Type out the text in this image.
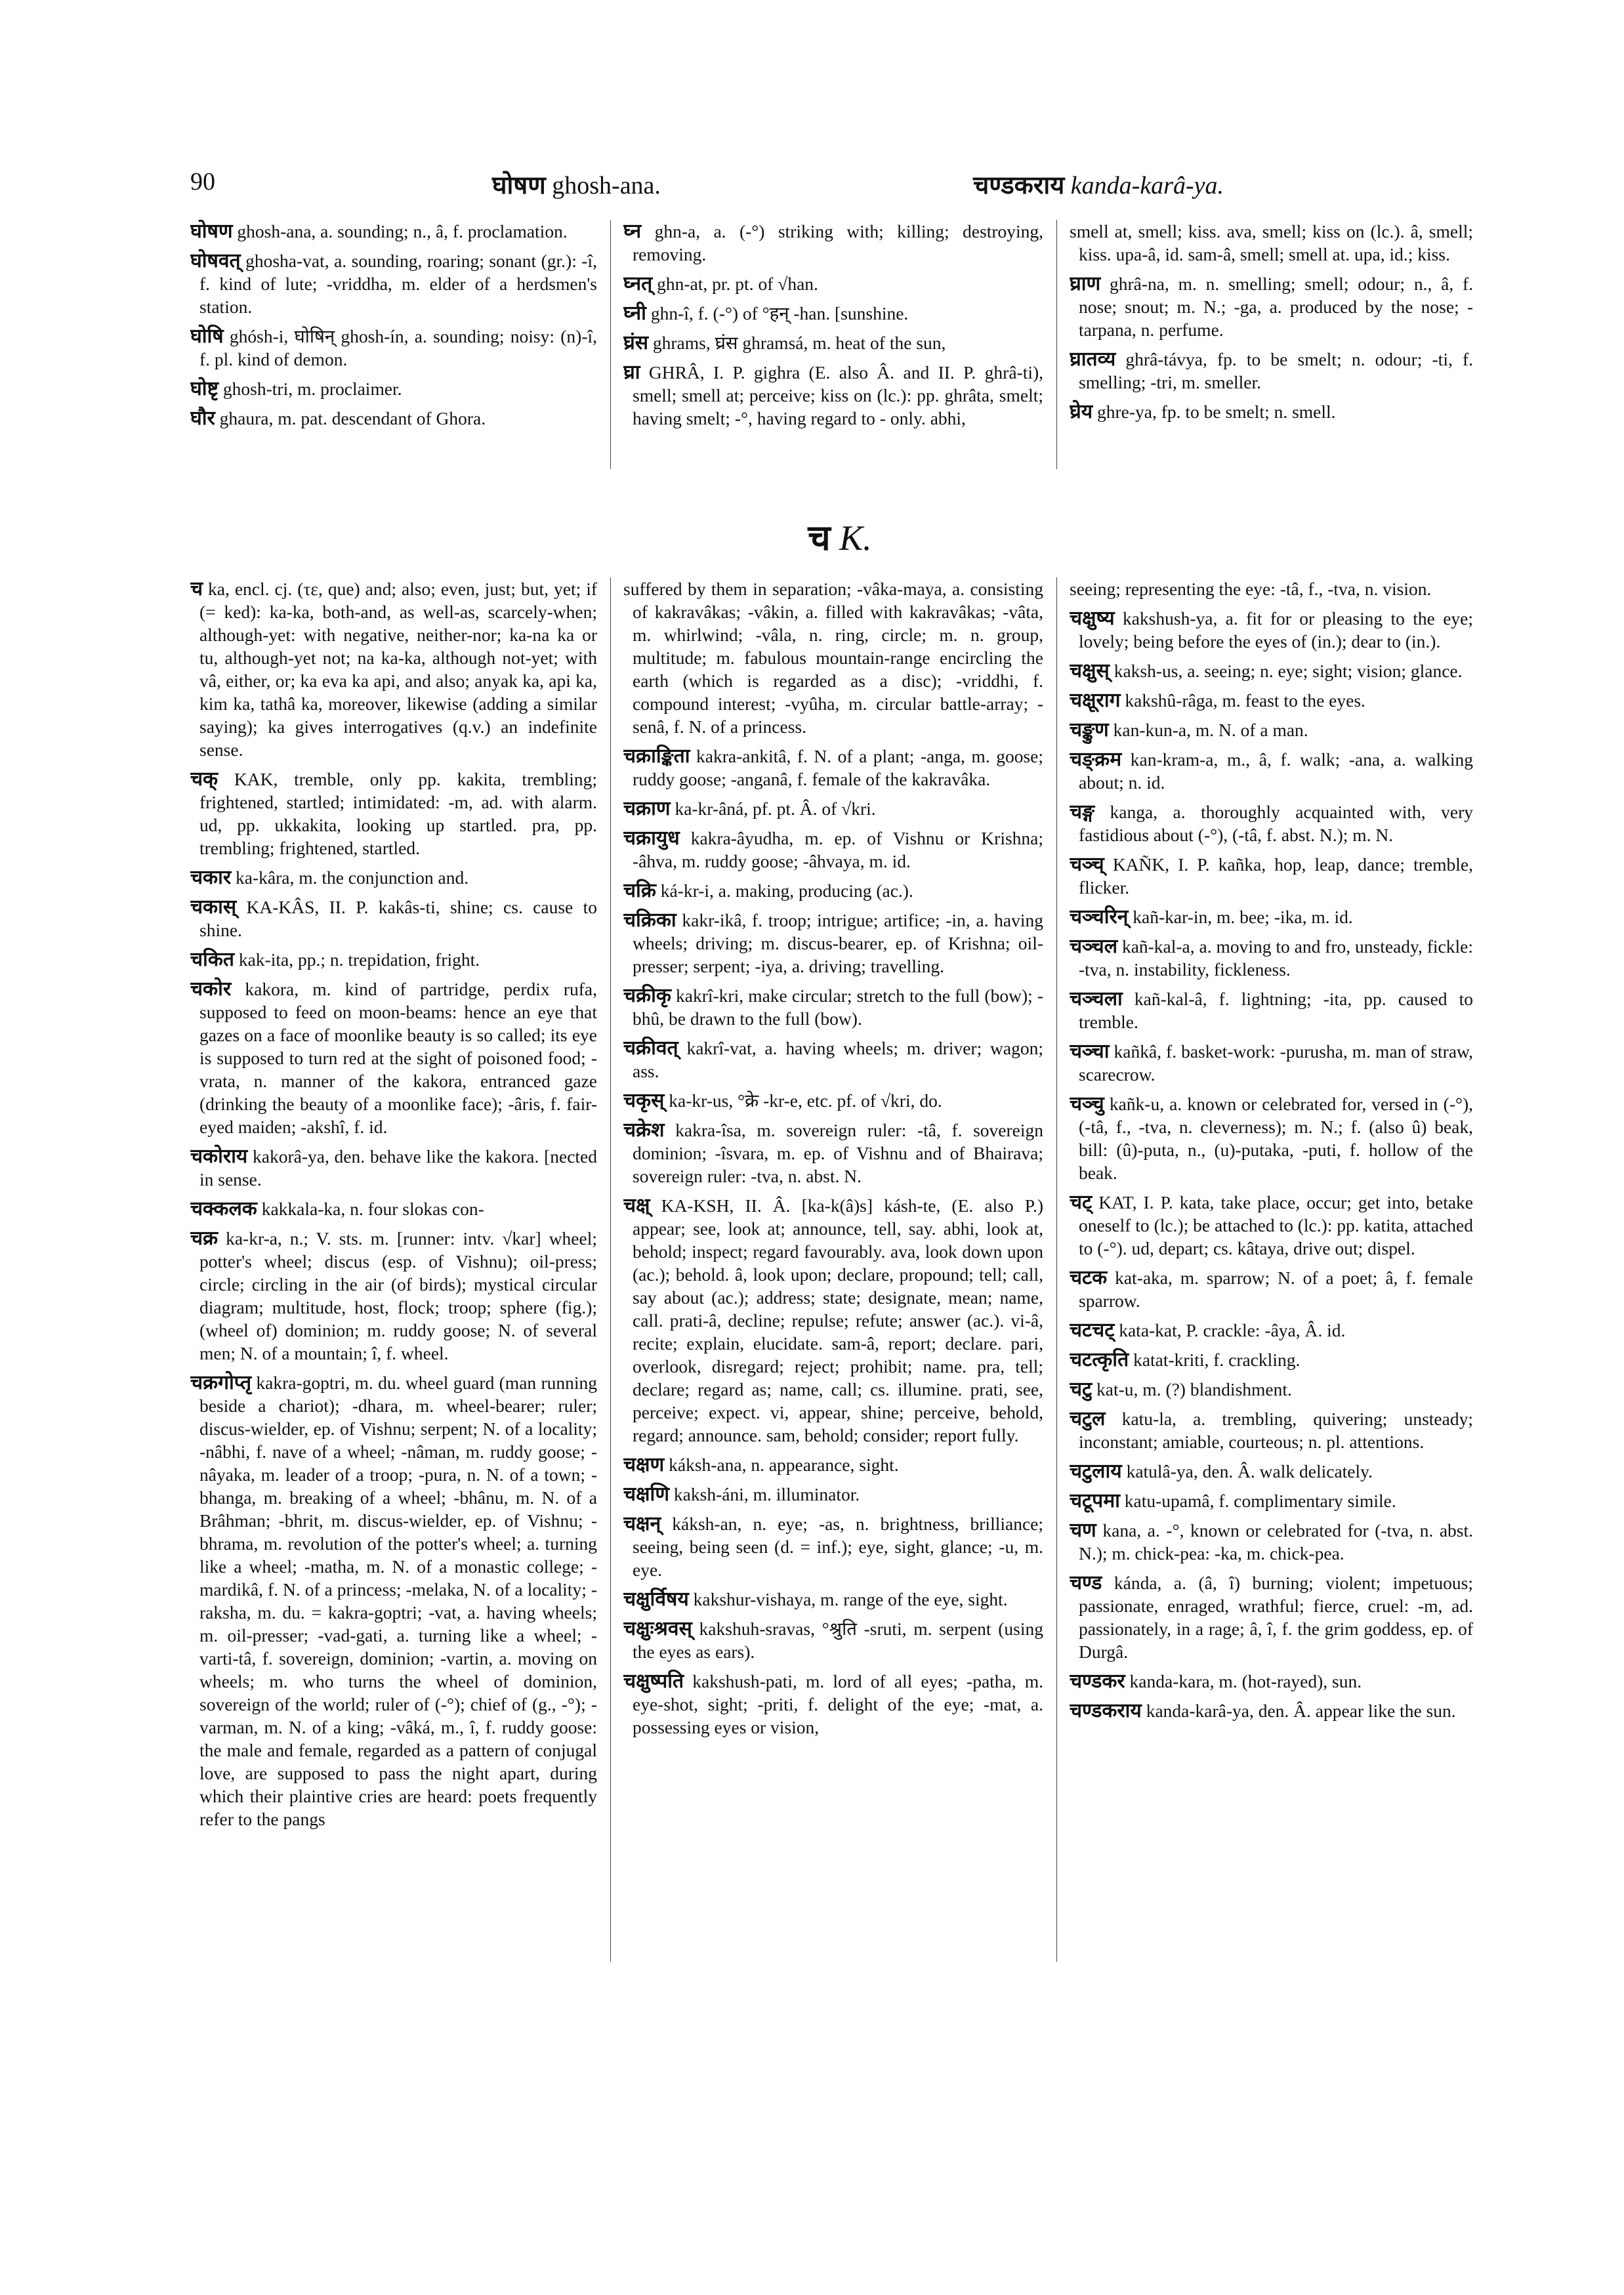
90	घोषण ghosh-ana.	चण्डकराय kanda-karâ-ya.

घोषण ghosh-ana, a. sounding; n., â, f. proclamation.

घोषवत् ghosha-vat, a. sounding, roaring; sonant (gr.): -î, f. kind of lute; -vriddha, m. elder of a herdsmen's station.

घोषि ghósh-i, घोषिन् ghosh-ín, a. sounding; noisy: (n)-î, f. pl. kind of demon.

घोष्टृ ghosh-tri, m. proclaimer.

घौर ghaura, m. pat. descendant of Ghora.

घ्न ghn-a, a. (-°) striking with; killing; destroying, removing.

घ्नत् ghn-at, pr. pt. of √han.

घ्नी ghn-î, f. (-°) of °हन् -han. [sunshine.

घ्रंस ghrams, घ्रंस ghramsá, m. heat of the sun,

घ्रा GHRÂ, I. P. gighra (E. also Â. and II. P. ghrâ-ti), smell; smell at; perceive; kiss on (lc.): pp. ghrâta, smelt; having smelt; -°, having regard to - only. abhi,

smell at, smell; kiss. ava, smell; kiss on (lc.). â, smell; kiss. upa-â, id. sam-â, smell; smell at. upa, id.; kiss.

घ्राण ghrâ-na, m. n. smelling; smell; odour; n., â, f. nose; snout; m. N.; -ga, a. produced by the nose; -tarpana, n. perfume.

घ्रातव्य ghrâ-távya, fp. to be smelt; n. odour; -ti, f. smelling; -tri, m. smeller.

घ्रेय ghre-ya, fp. to be smelt; n. smell.

च K.

च ka, encl. cj. (τε, que) and; also; even, just; but, yet; if (= ked): ka-ka, both-and, as well-as, scarcely-when; although-yet: with negative, neither-nor; ka-na ka or tu, although-yet not; na ka-ka, although not-yet; with vâ, either, or; ka eva ka api, and also; anyak ka, api ka, kim ka, tathâ ka, moreover, likewise (adding a similar saying); ka gives interrogatives (q.v.) an indefinite sense.

चक् KAK, tremble, only pp. kakita, trembling; frightened, startled; intimidated: -m, ad. with alarm. ud, pp. ukkakita, looking up startled. pra, pp. trembling; frightened, startled.

चकार ka-kâra, m. the conjunction and.

चकास् KA-KÂS, II. P. kakâs-ti, shine; cs. cause to shine.

चकित kak-ita, pp.; n. trepidation, fright.

चकोर kakora, m. kind of partridge, perdix rufa, supposed to feed on moon-beams: hence an eye that gazes on a face of moonlike beauty is so called; its eye is supposed to turn red at the sight of poisoned food; -vrata, n. manner of the kakora, entranced gaze (drinking the beauty of a moonlike face); -âris, f. fair-eyed maiden; -akshî, f. id.

चकोराय kakorâ-ya, den. behave like the kakora. [nected in sense.

चक्कलक kakkala-ka, n. four slokas con-

चक्र ka-kr-a, n.; V. sts. m. [runner: intv. √kar] wheel; potter's wheel; discus (esp. of Vishnu); oil-press; circle; circling in the air (of birds); mystical circular diagram; multitude, host, flock; troop; sphere (fig.); (wheel of) dominion; m. ruddy goose; N. of several men; N. of a mountain; î, f. wheel.

चक्रगोप्तृ kakra-goptri, m. du. wheel guard (man running beside a chariot); -dhara, m. wheel-bearer; ruler; discus-wielder, ep. of Vishnu; serpent; N. of a locality; -nâbhi, f. nave of a wheel; -nâman, m. ruddy goose; -nâyaka, m. leader of a troop; -pura, n. N. of a town; -bhanga, m. breaking of a wheel; -bhânu, m. N. of a Brâhman; -bhrit, m. discus-wielder, ep. of Vishnu; -bhrama, m. revolution of the potter's wheel; a. turning like a wheel; -matha, m. N. of a monastic college; -mardikâ, f. N. of a princess; -melaka, N. of a locality; -raksha, m. du. = kakra-goptri; -vat, a. having wheels; m. oil-presser; -vad-gati, a. turning like a wheel; -varti-tâ, f. sovereign, dominion; -vartin, a. moving on wheels; m. who turns the wheel of dominion, sovereign of the world; ruler of (-°); chief of (g., -°); -varman, m. N. of a king; -vâká, m., î, f. ruddy goose: the male and female, regarded as a pattern of conjugal love, are supposed to pass the night apart, during which their plaintive cries are heard: poets frequently refer to the pangs

suffered by them in separation; -vâka-maya, a. consisting of kakravâkas; -vâkin, a. filled with kakravâkas; -vâta, m. whirlwind; -vâla, n. ring, circle; m. n. group, multitude; m. fabulous mountain-range encircling the earth (which is regarded as a disc); -vriddhi, f. compound interest; -vyûha, m. circular battle-array; -senâ, f. N. of a princess.

चक्राङ्किता kakra-ankitâ, f. N. of a plant; -anga, m. goose; ruddy goose; -anganâ, f. female of the kakravâka.

चक्राण ka-kr-âná, pf. pt. Â. of √kri.

चक्रायुध kakra-âyudha, m. ep. of Vishnu or Krishna; -âhva, m. ruddy goose; -âhvaya, m. id.

चक्रि ká-kr-i, a. making, producing (ac.).

चक्रिका kakr-ikâ, f. troop; intrigue; artifice; -in, a. having wheels; driving; m. discus-bearer, ep. of Krishna; oil-presser; serpent; -iya, a. driving; travelling.

चक्रीकृ kakrî-kri, make circular; stretch to the full (bow); -bhû, be drawn to the full (bow).

चक्रीवत् kakrî-vat, a. having wheels; m. driver; wagon; ass.

चकृस् ka-kr-us, °क्रे -kr-e, etc. pf. of √kri, do.

चक्रेश kakra-îsa, m. sovereign ruler: -tâ, f. sovereign dominion; -îsvara, m. ep. of Vishnu and of Bhairava; sovereign ruler: -tva, n. abst. N.

चक्ष् KA-KSH, II. Â. [ka-k(â)s] kásh-te, (E. also P.) appear; see, look at; announce, tell, say. abhi, look at, behold; inspect; regard favourably. ava, look down upon (ac.); behold. â, look upon; declare, propound; tell; call, say about (ac.); address; state; designate, mean; name, call. prati-â, decline; repulse; refute; answer (ac.). vi-â, recite; explain, elucidate. sam-â, report; declare. pari, overlook, disregard; reject; prohibit; name. pra, tell; declare; regard as; name, call; cs. illumine. prati, see, perceive; expect. vi, appear, shine; perceive, behold, regard; announce. sam, behold; consider; report fully.

चक्षण káksh-ana, n. appearance, sight.

चक्षणि kaksh-áni, m. illuminator.

चक्षन् káksh-an, n. eye; -as, n. brightness, brilliance; seeing, being seen (d. = inf.); eye, sight, glance; -u, m. eye.

चक्षुर्विषय kakshur-vishaya, m. range of the eye, sight.

चक्षुःश्रवस् kakshuh-sravas, °श्रुति -sruti, m. serpent (using the eyes as ears).

चक्षुष्पति kakshush-pati, m. lord of all eyes; -patha, m. eye-shot, sight; -priti, f. delight of the eye; -mat, a. possessing eyes or vision,

seeing; representing the eye: -tâ, f., -tva, n. vision.

चक्षुष्य kakshush-ya, a. fit for or pleasing to the eye; lovely; being before the eyes of (in.); dear to (in.).

चक्षुस् kaksh-us, a. seeing; n. eye; sight; vision; glance.

चक्षूराग kakshû-râga, m. feast to the eyes.

चङ्कुण kan-kun-a, m. N. of a man.

चङ्क्रम kan-kram-a, m., â, f. walk; -ana, a. walking about; n. id.

चङ्ग kanga, a. thoroughly acquainted with, very fastidious about (-°), (-tâ, f. abst. N.); m. N.

चञ्च् KAÑK, I. P. kañka, hop, leap, dance; tremble, flicker.

चञ्चरिन् kañ-kar-in, m. bee; -ika, m. id.

चञ्चल kañ-kal-a, a. moving to and fro, unsteady, fickle: -tva, n. instability, fickleness.

चञ्चला kañ-kal-â, f. lightning; -ita, pp. caused to tremble.

चञ्चा kañkâ, f. basket-work: -purusha, m. man of straw, scarecrow.

चञ्चु kañk-u, a. known or celebrated for, versed in (-°), (-tâ, f., -tva, n. cleverness); m. N.; f. (also û) beak, bill: (û)-puta, n., (u)-putaka, -puti, f. hollow of the beak.

चट् KAT, I. P. kata, take place, occur; get into, betake oneself to (lc.); be attached to (lc.): pp. katita, attached to (-°). ud, depart; cs. kâtaya, drive out; dispel.

चटक kat-aka, m. sparrow; N. of a poet; â, f. female sparrow.

चटचट् kata-kat, P. crackle: -âya, Â. id.

चटत्कृति katat-kriti, f. crackling.

चटु kat-u, m. (?) blandishment.

चटुल katu-la, a. trembling, quivering; unsteady; inconstant; amiable, courteous; n. pl. attentions.

चटुलाय katulâ-ya, den. Â. walk delicately.

चटूपमा katu-upamâ, f. complimentary simile.

चण kana, a. -°, known or celebrated for (-tva, n. abst. N.); m. chick-pea: -ka, m. chick-pea.

चण्ड kánda, a. (â, î) burning; violent; impetuous; passionate, enraged, wrathful; fierce, cruel: -m, ad. passionately, in a rage; â, î, f. the grim goddess, ep. of Durgâ.

चण्डकर kanda-kara, m. (hot-rayed), sun.

चण्डकराय kanda-karâ-ya, den. Â. appear like the sun.
